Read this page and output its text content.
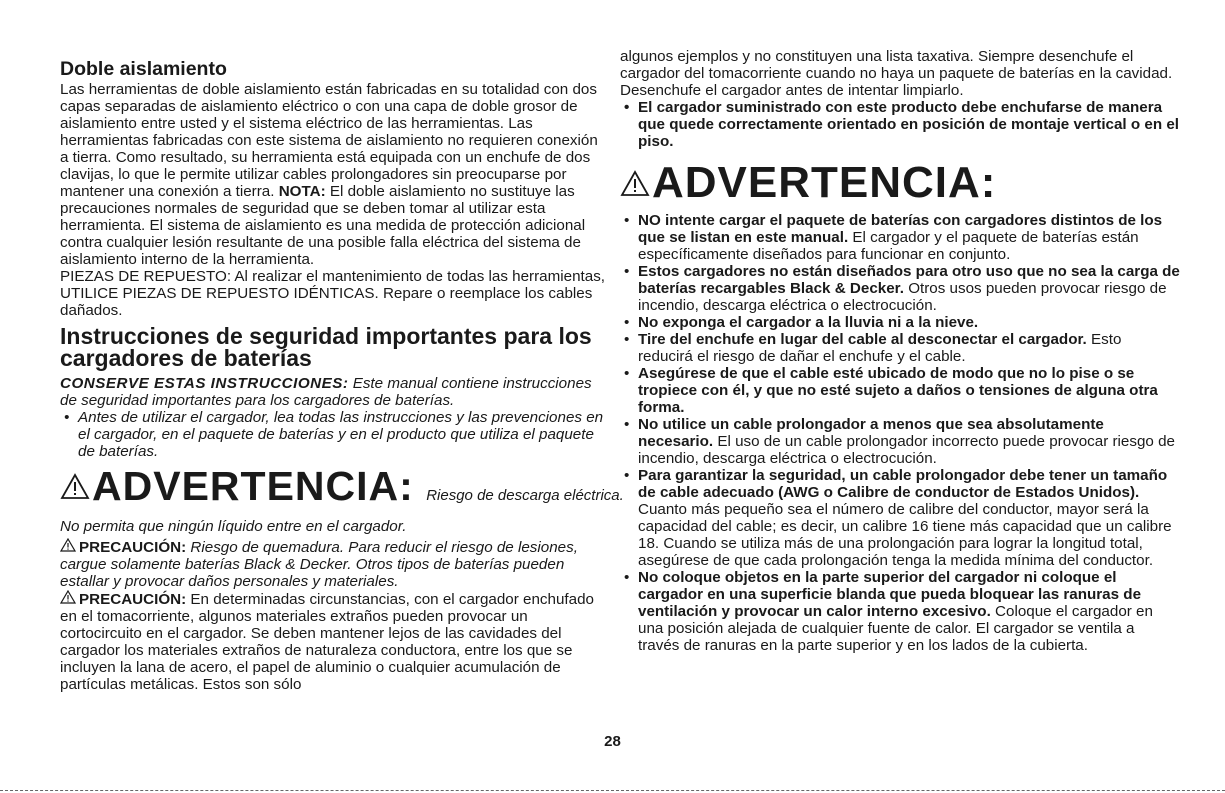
Doble aislamiento

Las herramientas de doble aislamiento están fabricadas en su totalidad con dos capas separadas de aislamiento eléctrico o con una capa de doble grosor de aislamiento entre usted y el sistema eléctrico de las herramientas. Las herramientas fabricadas con este sistema de aislamiento no requieren conexión a tierra. Como resultado, su herramienta está equipada con un enchufe de dos clavijas, lo que le permite utilizar cables prolongadores sin preocuparse por mantener una conexión a tierra. NOTA: El doble aislamiento no sustituye las precauciones normales de seguridad que se deben tomar al utilizar esta herramienta. El sistema de aislamiento es una medida de protección adicional contra cualquier lesión resultante de una posible falla eléctrica del sistema de aislamiento interno de la herramienta.

PIEZAS DE REPUESTO: Al realizar el mantenimiento de todas las herramientas, UTILICE PIEZAS DE REPUESTO IDÉNTICAS. Repare o reemplace los cables dañados.

Instrucciones de seguridad importantes para los cargadores de baterías

CONSERVE ESTAS INSTRUCCIONES: Este manual contiene instrucciones de seguridad importantes para los cargadores de baterías.

• Antes de utilizar el cargador, lea todas las instrucciones y las prevenciones en el cargador, en el paquete de baterías y en el producto que utiliza el paquete de baterías.

ADVERTENCIA: Riesgo de descarga eléctrica.

No permita que ningún líquido entre en el cargador.

PRECAUCIÓN: Riesgo de quemadura. Para reducir el riesgo de lesiones, cargue solamente baterías Black & Decker. Otros tipos de baterías pueden estallar y provocar daños personales y materiales.

PRECAUCIÓN: En determinadas circunstancias, con el cargador enchufado en el tomacorriente, algunos materiales extraños pueden provocar un cortocircuito en el cargador. Se deben mantener lejos de las cavidades del cargador los materiales extraños de naturaleza conductora, entre los que se incluyen la lana de acero, el papel de aluminio o cualquier acumulación de partículas metálicas. Estos son sólo

algunos ejemplos y no constituyen una lista taxativa. Siempre desenchufe el cargador del tomacorriente cuando no haya un paquete de baterías en la cavidad. Desenchufe el cargador antes de intentar limpiarlo.

• El cargador suministrado con este producto debe enchufarse de manera que quede correctamente orientado en posición de montaje vertical o en el piso.

ADVERTENCIA:

• NO intente cargar el paquete de baterías con cargadores distintos de los que se listan en este manual. El cargador y el paquete de baterías están específicamente diseñados para funcionar en conjunto.

• Estos cargadores no están diseñados para otro uso que no sea la carga de baterías recargables Black & Decker. Otros usos pueden provocar riesgo de incendio, descarga eléctrica o electrocución.

• No exponga el cargador a la lluvia ni a la nieve.

• Tire del enchufe en lugar del cable al desconectar el cargador. Esto reducirá el riesgo de dañar el enchufe y el cable.

• Asegúrese de que el cable esté ubicado de modo que no lo pise o se tropiece con él, y que no esté sujeto a daños o tensiones de alguna otra forma.

• No utilice un cable prolongador a menos que sea absolutamente necesario. El uso de un cable prolongador incorrecto puede provocar riesgo de incendio, descarga eléctrica o electrocución.

• Para garantizar la seguridad, un cable prolongador debe tener un tamaño de cable adecuado (AWG o Calibre de conductor de Estados Unidos). Cuanto más pequeño sea el número de calibre del conductor, mayor será la capacidad del cable; es decir, un calibre 16 tiene más capacidad que un calibre 18. Cuando se utiliza más de una prolongación para lograr la longitud total, asegúrese de que cada prolongación tenga la medida mínima del conductor.

• No coloque objetos en la parte superior del cargador ni coloque el cargador en una superficie blanda que pueda bloquear las ranuras de ventilación y provocar un calor interno excesivo. Coloque el cargador en una posición alejada de cualquier fuente de calor. El cargador se ventila a través de ranuras en la parte superior y en los lados de la cubierta.

28
